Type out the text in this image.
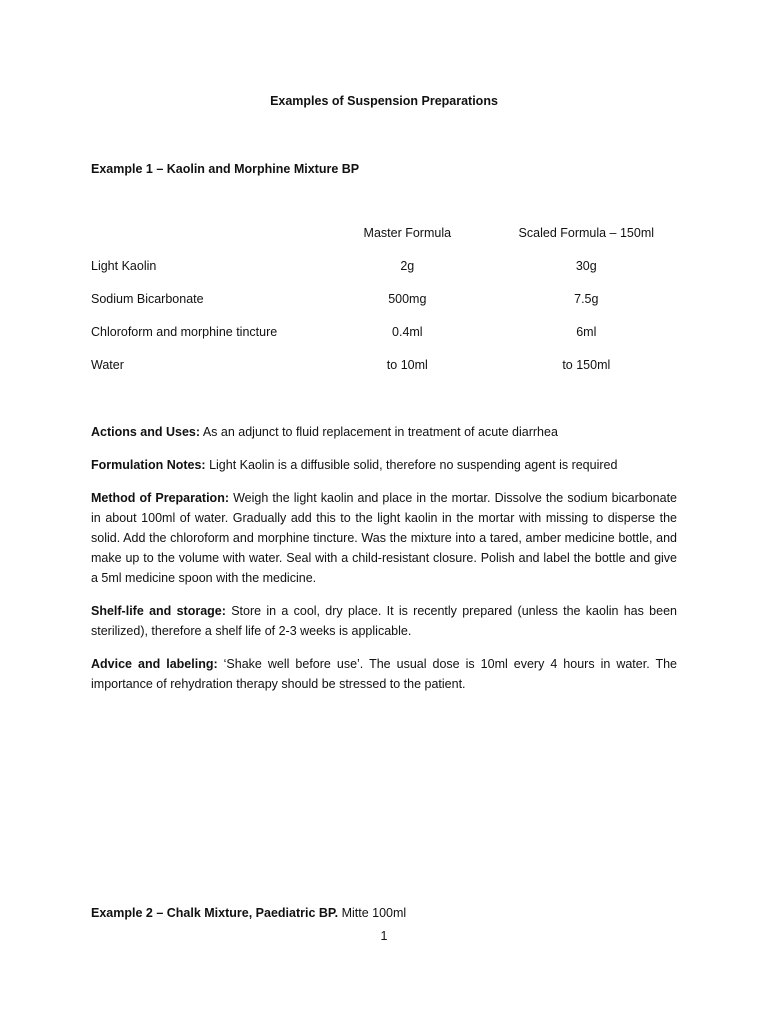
Examples of Suspension Preparations
Example 1 – Kaolin and Morphine Mixture BP
	Master Formula	Scaled Formula – 150ml
Light Kaolin	2g	30g
Sodium Bicarbonate	500mg	7.5g
Chloroform and morphine tincture	0.4ml	6ml
Water	to 10ml	to 150ml

Actions and Uses: As an adjunct to fluid replacement in treatment of acute diarrhea

Formulation Notes: Light Kaolin is a diffusible solid, therefore no suspending agent is required

Method of Preparation: Weigh the light kaolin and place in the mortar. Dissolve the sodium bicarbonate in about 100ml of water. Gradually add this to the light kaolin in the mortar with missing to disperse the solid. Add the chloroform and morphine tincture. Was the mixture into a tared, amber medicine bottle, and make up to the volume with water. Seal with a child-resistant closure. Polish and label the bottle and give a 5ml medicine spoon with the medicine.

Shelf-life and storage: Store in a cool, dry place. It is recently prepared (unless the kaolin has been sterilized), therefore a shelf life of 2-3 weeks is applicable.

Advice and labeling: ‘Shake well before use’. The usual dose is 10ml every 4 hours in water. The importance of rehydration therapy should be stressed to the patient.

Example 2 – Chalk Mixture, Paediatric BP. Mitte 100ml
1
